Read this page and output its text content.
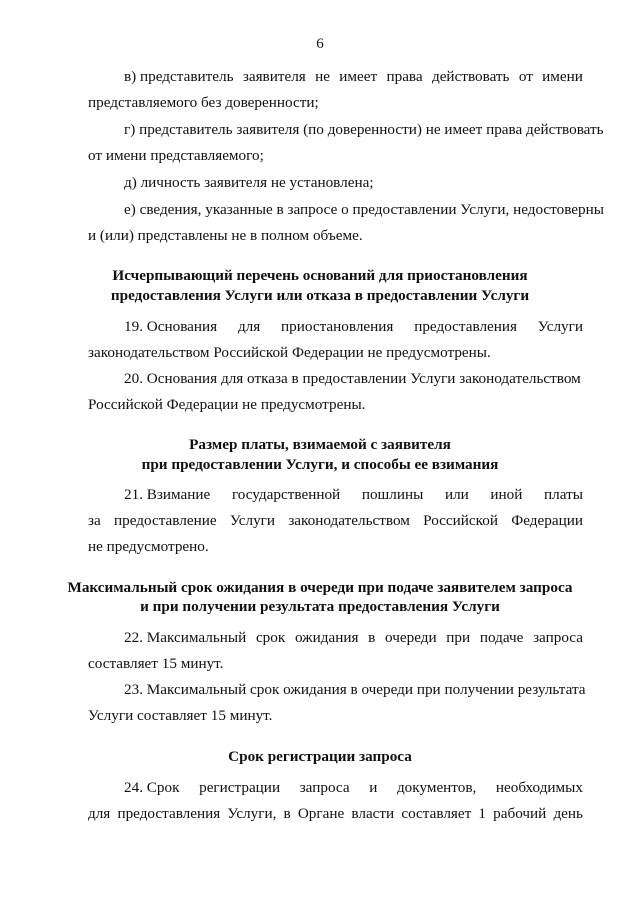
6
в) представитель заявителя не имеет права действовать от имени
представляемого без доверенности;
г) представитель заявителя (по доверенности) не имеет права действовать
от имени представляемого;
д) личность заявителя не установлена;
е) сведения, указанные в запросе о предоставлении Услуги, недостоверны
и (или) представлены не в полном объеме.
Исчерпывающий перечень оснований для приостановления
предоставления Услуги или отказа в предоставлении Услуги
19. Основания для приостановления предоставления Услуги
законодательством Российской Федерации не предусмотрены.
20. Основания для отказа в предоставлении Услуги законодательством
Российской Федерации не предусмотрены.
Размер платы, взимаемой с заявителя
при предоставлении Услуги, и способы ее взимания
21. Взимание государственной пошлины или иной платы
за предоставление Услуги законодательством Российской Федерации
не предусмотрено.
Максимальный срок ожидания в очереди при подаче заявителем запроса
и при получении результата предоставления Услуги
22. Максимальный срок ожидания в очереди при подаче запроса
составляет 15 минут.
23. Максимальный срок ожидания в очереди при получении результата
Услуги составляет 15 минут.
Срок регистрации запроса
24. Срок регистрации запроса и документов, необходимых
для предоставления Услуги, в Органе власти составляет 1 рабочий день
